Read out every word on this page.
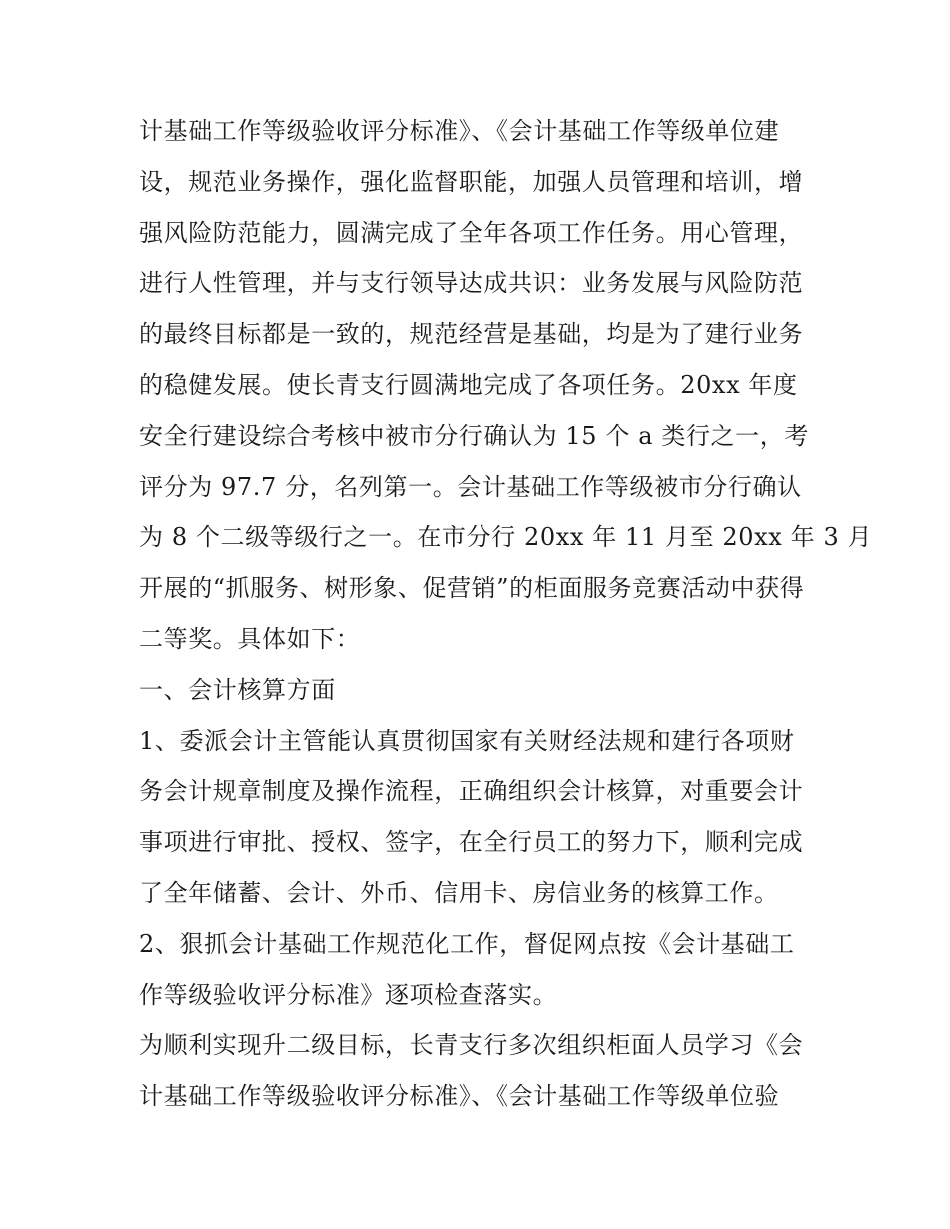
计基础工作等级验收评分标准》、《会计基础工作等级单位建
设，规范业务操作，强化监督职能，加强人员管理和培训，增
强风险防范能力，圆满完成了全年各项工作任务。用心管理，
进行人性管理，并与支行领导达成共识：业务发展与风险防范
的最终目标都是一致的，规范经营是基础，均是为了建行业务
的稳健发展。使长青支行圆满地完成了各项任务。20xx 年度
安全行建设综合考核中被市分行确认为 15 个 a 类行之一，考
评分为 97.7 分，名列第一。会计基础工作等级被市分行确认
为 8 个二级等级行之一。在市分行 20xx 年 11 月至 20xx 年 3 月
开展的“抓服务、树形象、促营销”的柜面服务竞赛活动中获得
二等奖。具体如下：
一、会计核算方面
1、委派会计主管能认真贯彻国家有关财经法规和建行各项财
务会计规章制度及操作流程，正确组织会计核算，对重要会计
事项进行审批、授权、签字，在全行员工的努力下，顺利完成
了全年储蓄、会计、外币、信用卡、房信业务的核算工作。
2、狠抓会计基础工作规范化工作，督促网点按《会计基础工
作等级验收评分标准》逐项检查落实。
为顺利实现升二级目标，长青支行多次组织柜面人员学习《会
计基础工作等级验收评分标准》、《会计基础工作等级单位验
